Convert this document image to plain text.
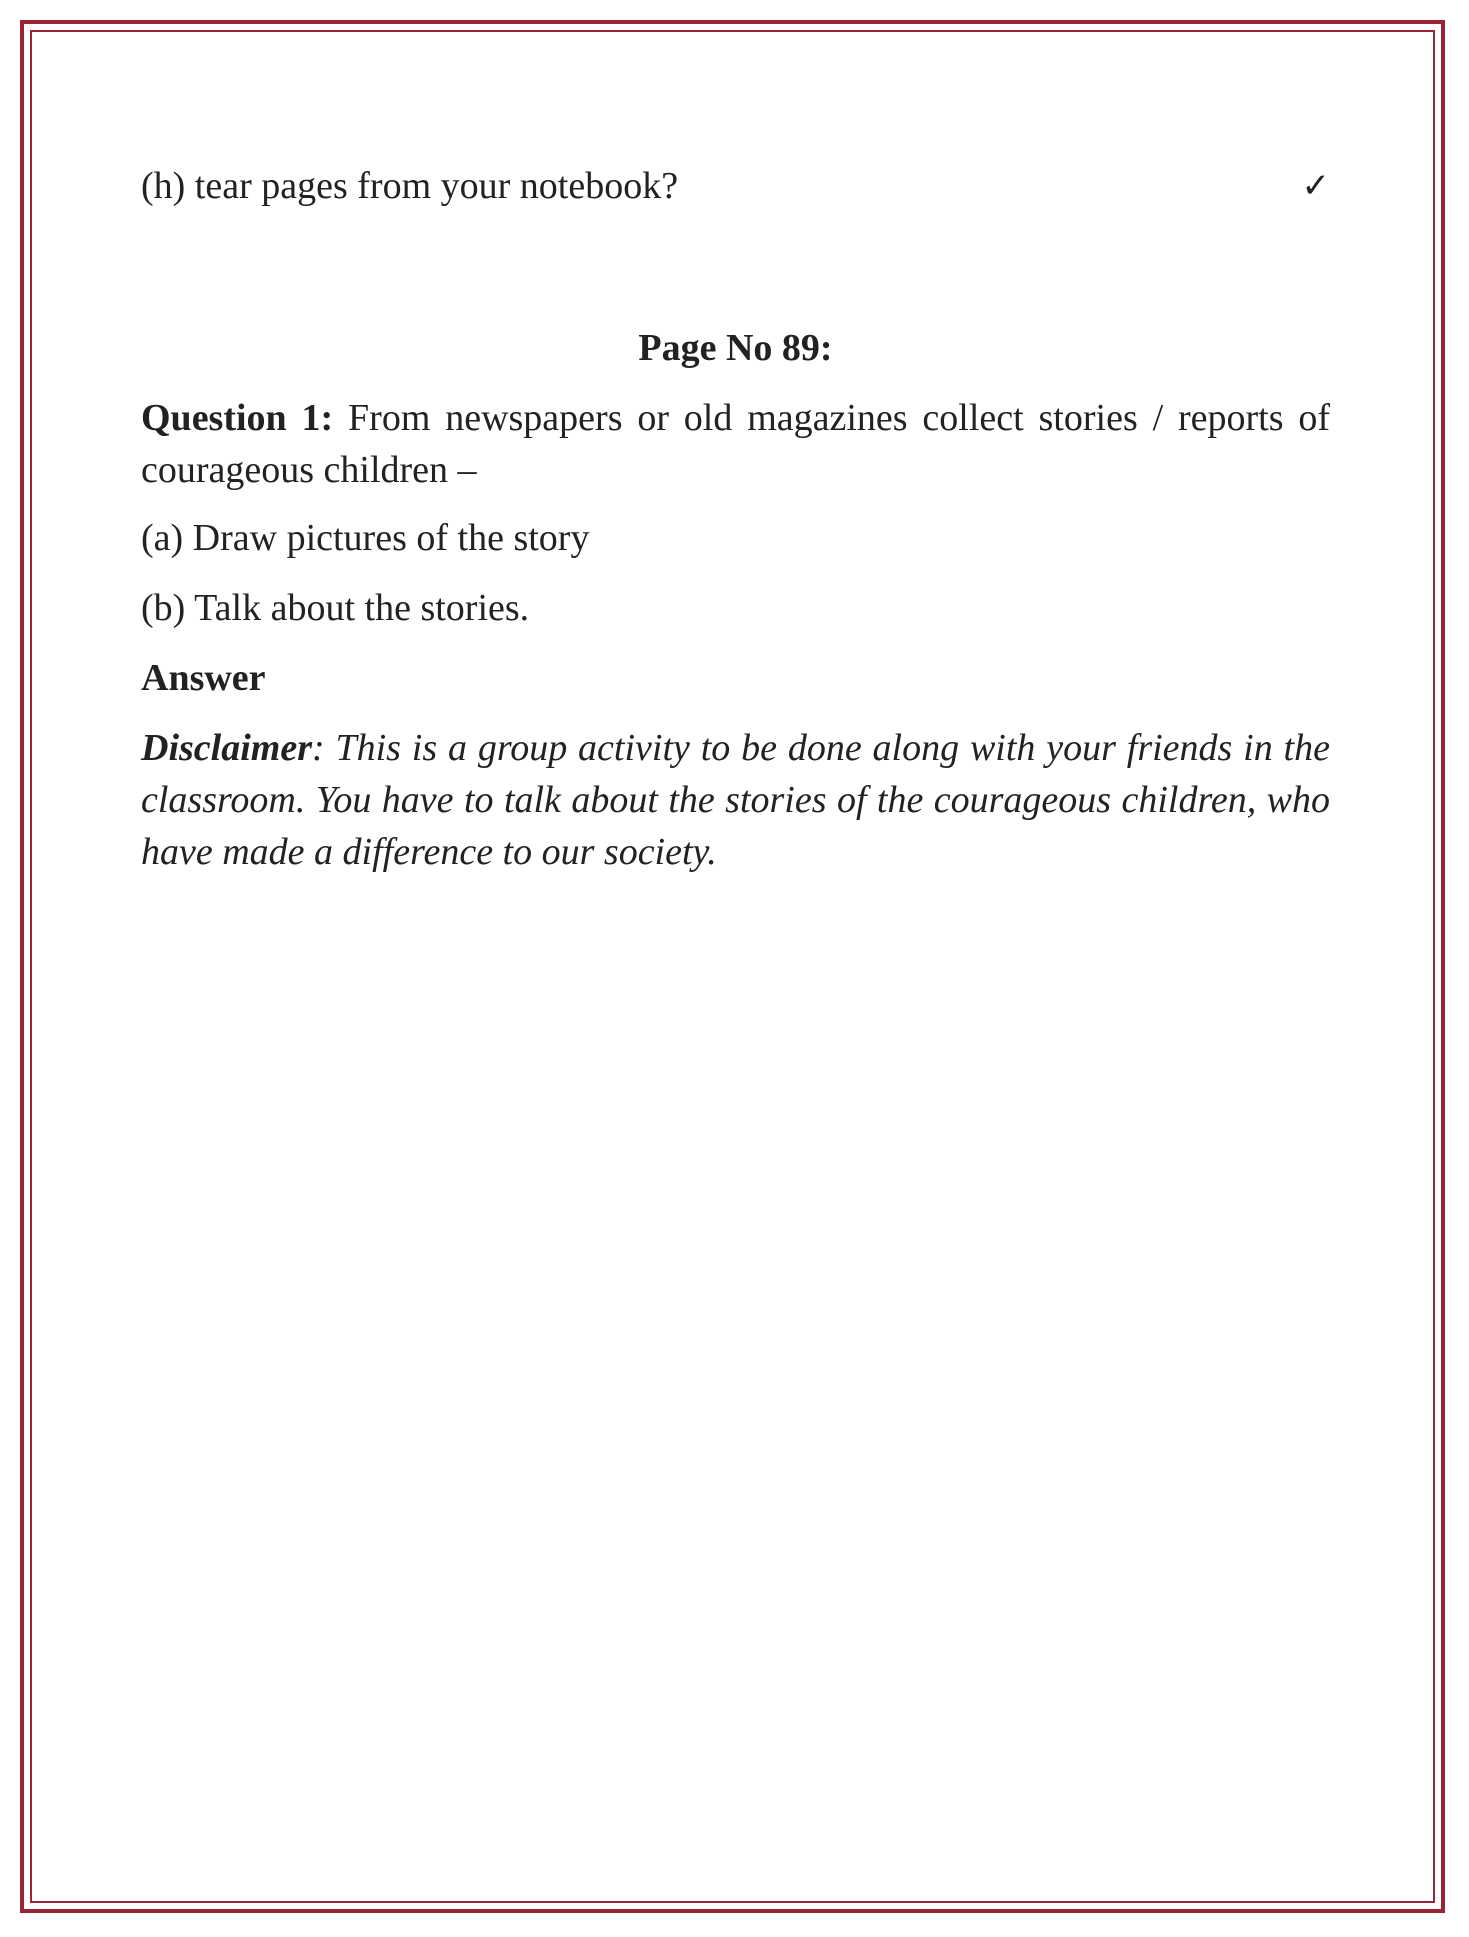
(h) tear pages from your notebook?	✓
Page No 89:

Question 1: From newspapers or old magazines collect stories / reports of courageous children –

(a) Draw pictures of the story

(b) Talk about the stories.

Answer

Disclaimer: This is a group activity to be done along with your friends in the classroom. You have to talk about the stories of the courageous children, who have made a difference to our society.
